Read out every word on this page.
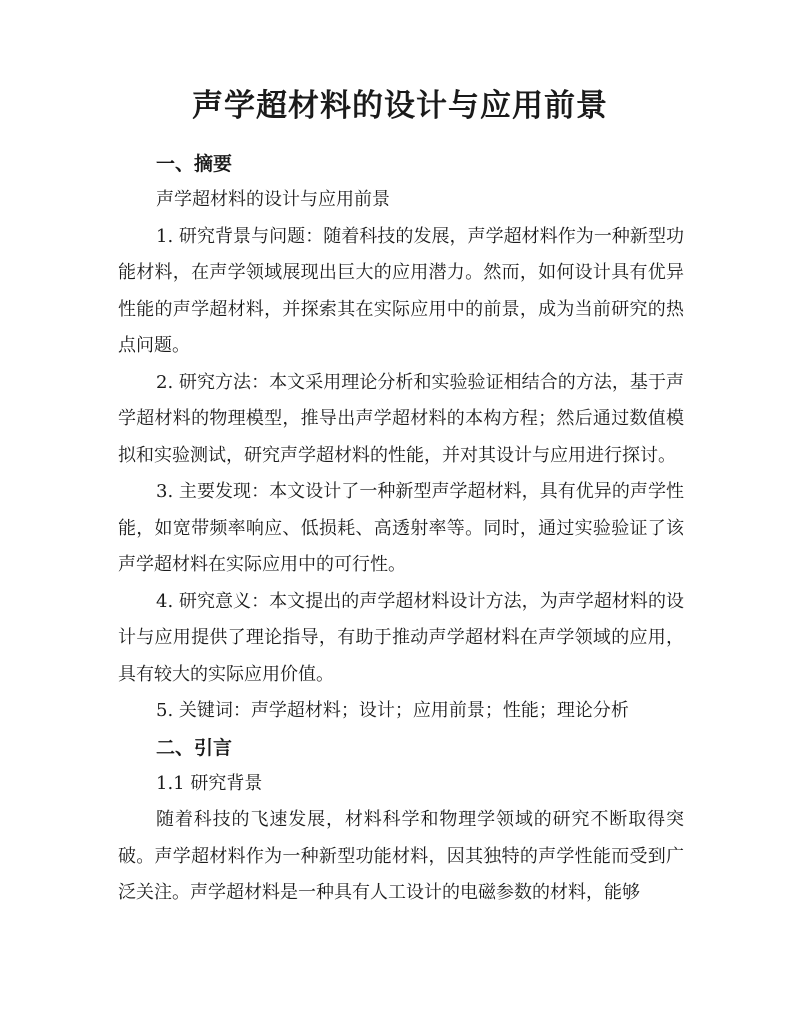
声学超材料的设计与应用前景

一、摘要

声学超材料的设计与应用前景

1. 研究背景与问题：随着科技的发展，声学超材料作为一种新型功能材料，在声学领域展现出巨大的应用潜力。然而，如何设计具有优异性能的声学超材料，并探索其在实际应用中的前景，成为当前研究的热点问题。

2. 研究方法：本文采用理论分析和实验验证相结合的方法，基于声学超材料的物理模型，推导出声学超材料的本构方程；然后通过数值模拟和实验测试，研究声学超材料的性能，并对其设计与应用进行探讨。

3. 主要发现：本文设计了一种新型声学超材料，具有优异的声学性能，如宽带频率响应、低损耗、高透射率等。同时，通过实验验证了该声学超材料在实际应用中的可行性。

4. 研究意义：本文提出的声学超材料设计方法，为声学超材料的设计与应用提供了理论指导，有助于推动声学超材料在声学领域的应用，具有较大的实际应用价值。

5. 关键词：声学超材料；设计；应用前景；性能；理论分析

二、引言

1.1 研究背景

随着科技的飞速发展，材料科学和物理学领域的研究不断取得突破。声学超材料作为一种新型功能材料，因其独特的声学性能而受到广泛关注。声学超材料是一种具有人工设计的电磁参数的材料，能够
